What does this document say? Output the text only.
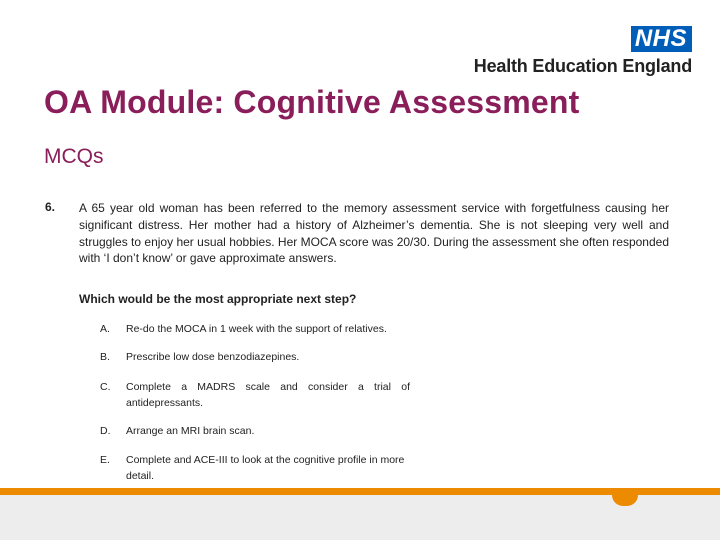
NHS
Health Education England
OA Module: Cognitive Assessment
MCQs
6. A 65 year old woman has been referred to the memory assessment service with forgetfulness causing her significant distress. Her mother had a history of Alzheimer’s dementia. She is not sleeping very well and struggles to enjoy her usual hobbies. Her MOCA score was 20/30. During the assessment she often responded with ‘I don’t know’ or gave approximate answers.

Which would be the most appropriate next step?
A.	Re-do the MOCA in 1 week with the support of relatives.
B.	Prescribe low dose benzodiazepines.
C.	Complete a MADRS scale and consider a trial of antidepressants.
D.	Arrange an MRI brain scan.
E.	Complete and ACE-III to look at the cognitive profile in more detail.
